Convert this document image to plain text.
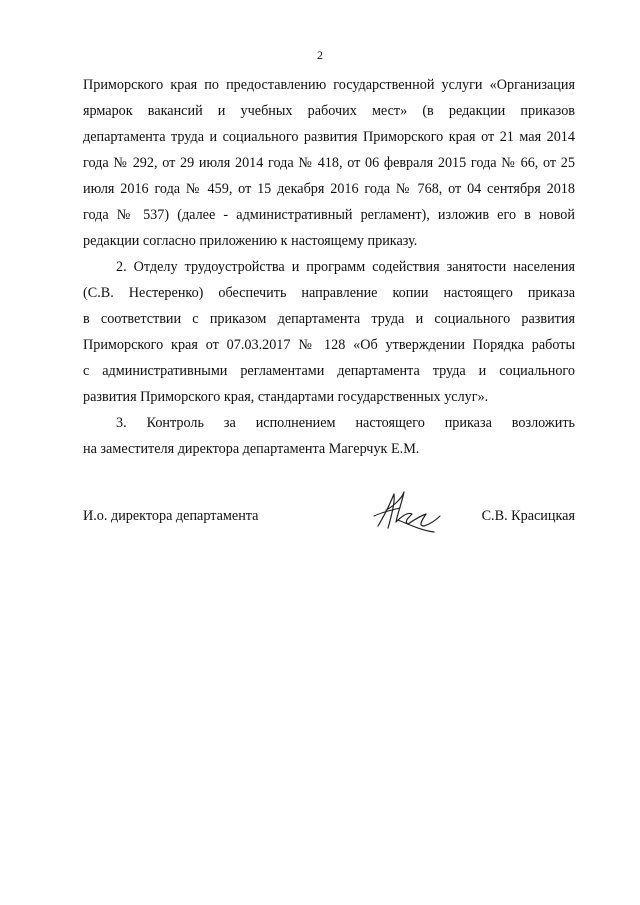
2

Приморского края по предоставлению государственной услуги «Организация

ярмарок вакансий и учебных рабочих мест» (в редакции приказов

департамента труда и социального развития Приморского края от 21 мая 2014

года № 292, от 29 июля 2014 года № 418, от 06 февраля 2015 года № 66, от 25

июля 2016 года № 459, от 15 декабря 2016 года № 768, от 04 сентября 2018

года № 537) (далее - административный регламент), изложив его в новой

редакции согласно приложению к настоящему приказу.

2. Отделу трудоустройства и программ содействия занятости населения

(С.В. Нестеренко) обеспечить направление копии настоящего приказа

в соответствии с приказом департамента труда и социального развития

Приморского края от 07.03.2017 № 128 «Об утверждении Порядка работы

с административными регламентами департамента труда и социального

развития Приморского края, стандартами государственных услуг».

3. Контроль за исполнением настоящего приказа возложить

на заместителя директора департамента Магерчук Е.М.

И.о. директора департамента	С.В. Красицкая
